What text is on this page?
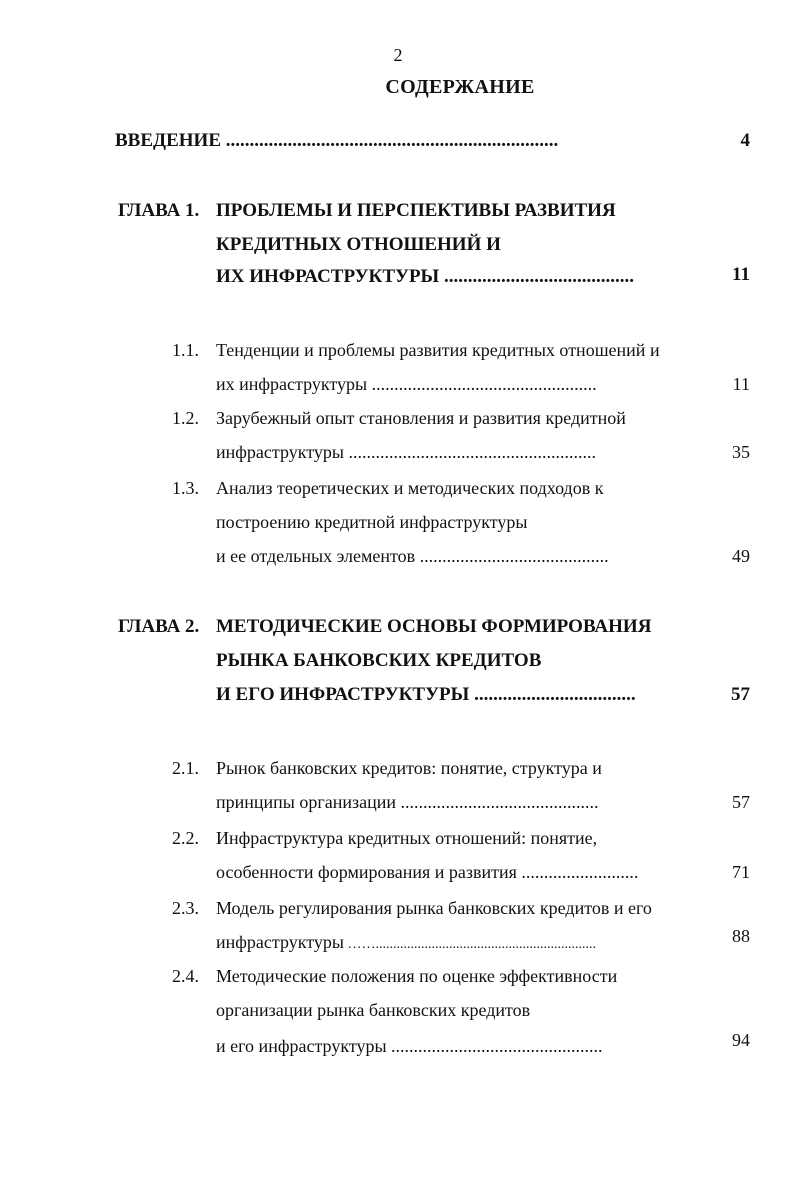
2
СОДЕРЖАНИЕ
ВВЕДЕНИЕ ......................................................................	4
ГЛАВА 1. ПРОБЛЕМЫ И ПЕРСПЕКТИВЫ РАЗВИТИЯ
КРЕДИТНЫХ ОТНОШЕНИЙ И
ИХ ИНФРАСТРУКТУРЫ ........................................	11
1.1. Тенденции и проблемы развития кредитных отношений и
их инфраструктуры ..................................................	11
1.2. Зарубежный опыт становления и развития кредитной
инфраструктуры .......................................................	35
1.3. Анализ теоретических и методических подходов к
построению кредитной инфраструктуры
и ее отдельных элементов ..........................................	49
ГЛАВА 2. МЕТОДИЧЕСКИЕ ОСНОВЫ ФОРМИРОВАНИЯ
РЫНКА БАНКОВСКИХ КРЕДИТОВ
И ЕГО ИНФРАСТРУКТУРЫ ..................................	57
2.1. Рынок банковских кредитов: понятие, структура и
принципы организации ............................................	57
2.2. Инфраструктура кредитных отношений: понятие,
особенности формирования и развития ..........................	71
2.3. Модель регулирования рынка банковских кредитов и его
инфраструктуры ……...............................................................	88
2.4. Методические положения по оценке эффективности
организации рынка банковских кредитов
и его инфраструктуры ...............................................	94
